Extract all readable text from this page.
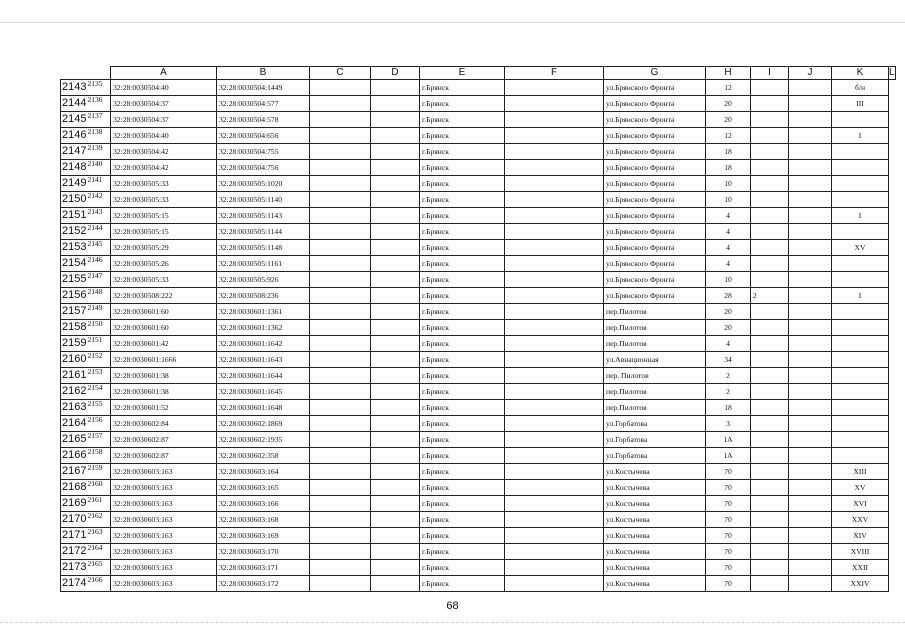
	A	B	C	D	E	F	G	H	I	J	K	L
$2143^{2135}$	32:28:0030504:40	32:28:0030504:1449			г.Брянск		ул.Брянского Фронта	12			б/н	
$2144^{2136}$	32:28:0030504:37	32:28:0030504:577			г.Брянск		ул.Брянского Фронта	20			III	
$2145^{2137}$	32:28:0030504:37	32:28:0030504:578			г.Брянск		ул.Брянского Фронта	20				
$2146^{2138}$	32:28:0030504:40	32:28:0030504:656			г.Брянск		ул.Брянского Фронта	12			I	
$2147^{2139}$	32:28:0030504:42	32:28:0030504:755			г.Брянск		ул.Брянского Фронта	18				
$2148^{2140}$	32:28:0030504:42	32:28:0030504:756			г.Брянск		ул.Брянского Фронта	18				
$2149^{2141}$	32:28:0030505:33	32:28:0030505:1020			г.Брянск		ул.Брянского Фронта	10				
$2150^{2142}$	32:28:0030505:33	32:28:0030505:1140			г.Брянск		ул.Брянского Фронта	10				
$2151^{2143}$	32:28:0030505:15	32:28:0030505:1143			г.Брянск		ул.Брянского Фронта	4			I	
$2152^{2144}$	32:28:0030505:15	32:28:0030505:1144			г.Брянск		ул.Брянского Фронта	4				
$2153^{2145}$	32:28:0030505:29	32:28:0030505:1148			г.Брянск		ул.Брянского Фронта	4			XV	
$2154^{2146}$	32:28:0030505:26	32:28:0030505:1161			г.Брянск		ул.Брянского Фронта	4				
$2155^{2147}$	32:28:0030505:33	32:28:0030505:926			г.Брянск		ул.Брянского Фронта	10				
$2156^{2148}$	32:28:0030508:222	32:28:0030508:236			г.Брянск		ул.Брянского Фронта	28	2		I	
$2157^{2149}$	32:28:0030601:60	32:28:0030601:1361			г.Брянск		пер.Пилотов	20				
$2158^{2150}$	32:28:0030601:60	32:28:0030601:1362			г.Брянск		пер.Пилотов	20				
$2159^{2151}$	32:28:0030601:42	32:28:0030601:1642			г.Брянск		пер.Пилотов	4				
$2160^{2152}$	32:28:0030601:1666	32:28:0030601:1643			г.Брянск		ул.Авиационная	34				
$2161^{2153}$	32:28:0030601:38	32:28:0030601:1644			г.Брянск		пер. Пилотов	2				
$2162^{2154}$	32:28:0030601:38	32:28:0030601:1645			г.Брянск		пер.Пилотов	2				
$2163^{2155}$	32:28:0030601:52	32:28:0030601:1648			г.Брянск		пер.Пилотов	18				
$2164^{2156}$	32:28:0030602:84	32:28:0030602:1869			г.Брянск		ул.Горбатова	3				
$2165^{2157}$	32:28:0030602:87	32:28:0030602:1935			г.Брянск		ул.Горбатова	1А				
$2166^{2158}$	32:28:0030602:87	32:28:0030602:358			г.Брянск		ул.Горбатова	1А				
$2167^{2159}$	32:28:0030603:163	32:28:0030603:164			г.Брянск		ул.Костычева	70			XIII	
$2168^{2160}$	32:28:0030603:163	32:28:0030603:165			г.Брянск		ул.Костычева	70			XV	
$2169^{2161}$	32:28:0030603:163	32:28:0030603:166			г.Брянск		ул.Костычева	70			XVI	
$2170^{2162}$	32:28:0030603:163	32:28:0030603:168			г.Брянск		ул.Костычева	70			XXV	
$2171^{2163}$	32:28:0030603:163	32:28:0030603:169			г.Брянск		ул.Костычева	70			XIV	
$2172^{2164}$	32:28:0030603:163	32:28:0030603:170			г.Брянск		ул.Костычева	70			XVIII	
$2173^{2165}$	32:28:0030603:163	32:28:0030603:171			г.Брянск		ул.Костычева	70			XXII	
$2174^{2166}$	32:28:0030603:163	32:28:0030603:172			г.Брянск		ул.Костычева	70			XXIV	
68
